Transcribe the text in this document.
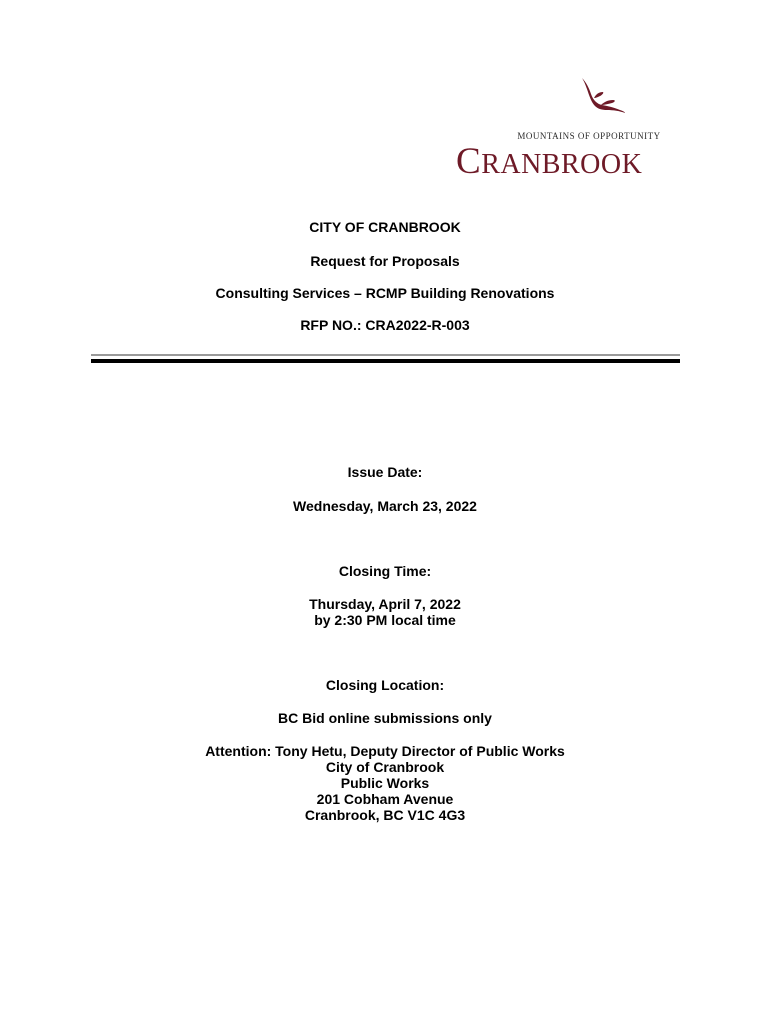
MOUNTAINS OF OPPORTUNITY
CRANBROOK
CITY OF CRANBROOK
Request for Proposals
Consulting Services – RCMP Building Renovations
RFP NO.: CRA2022-R-003
Issue Date:
Wednesday, March 23, 2022
Closing Time:
Thursday, April 7, 2022
by 2:30 PM local time
Closing Location:
BC Bid online submissions only
Attention: Tony Hetu, Deputy Director of Public Works
City of Cranbrook
Public Works
201 Cobham Avenue
Cranbrook, BC V1C 4G3
